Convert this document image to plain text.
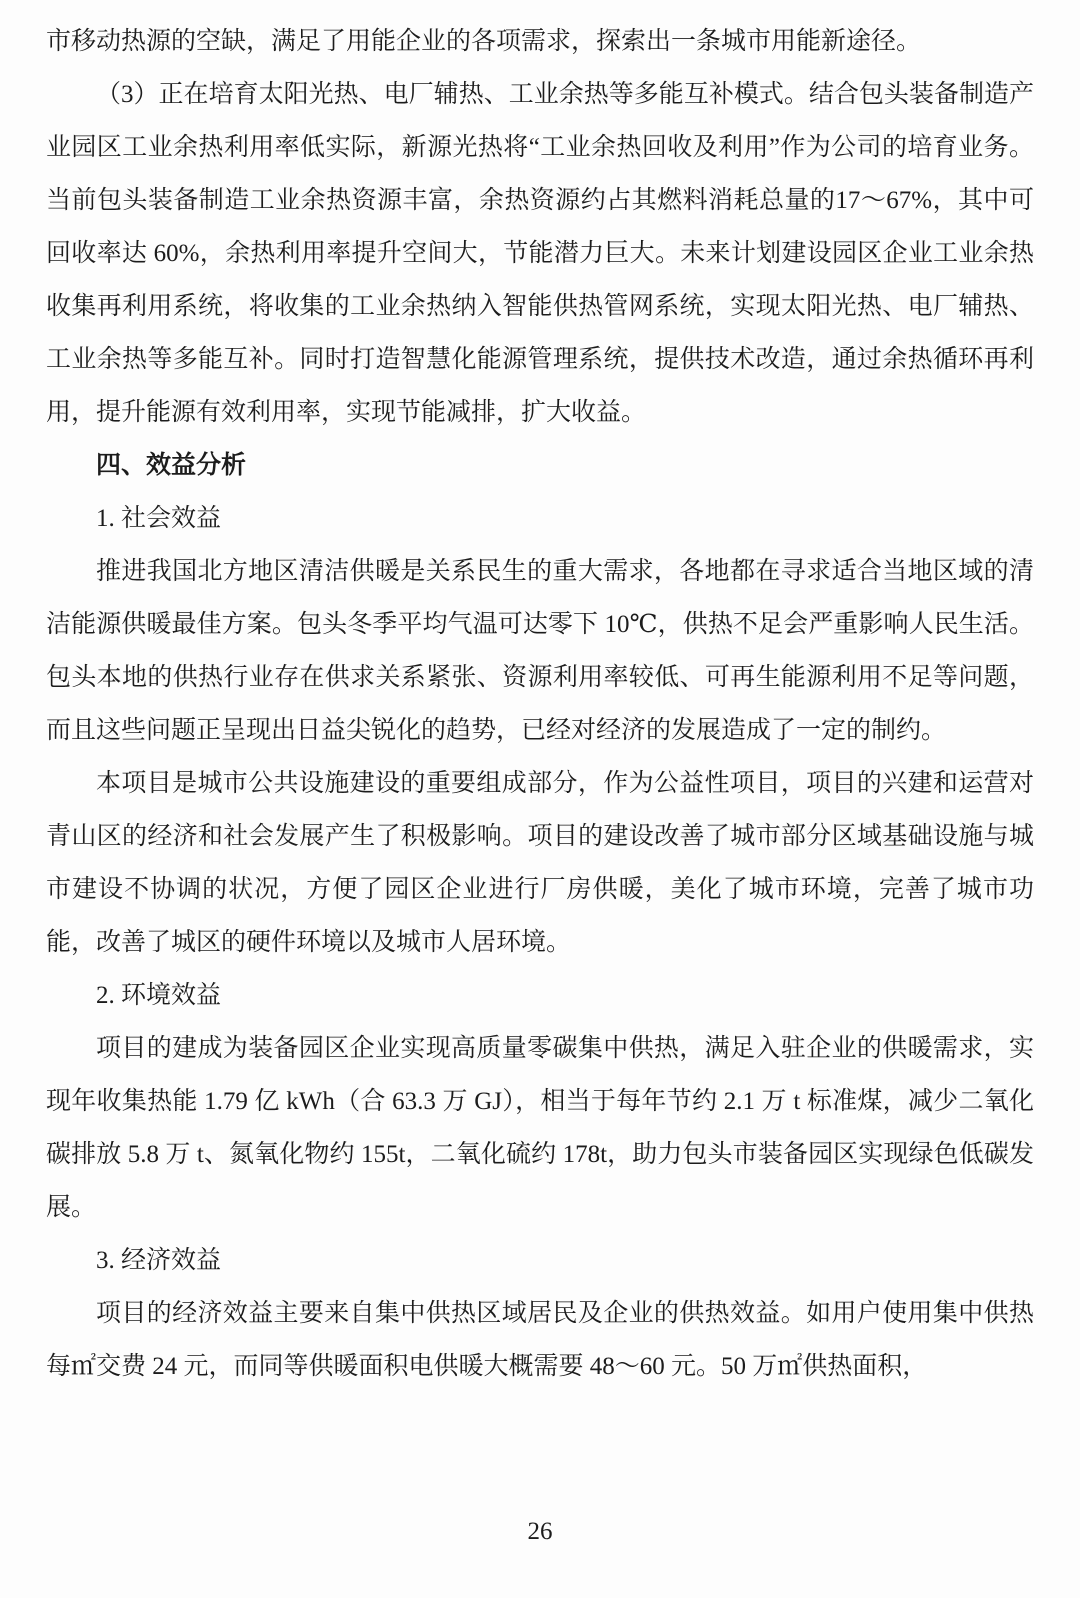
市移动热源的空缺，满足了用能企业的各项需求，探索出一条城市用能新途径。

（3）正在培育太阳光热、电厂辅热、工业余热等多能互补模式。结合包头装备制造产业园区工业余热利用率低实际，新源光热将“工业余热回收及利用”作为公司的培育业务。当前包头装备制造工业余热资源丰富，余热资源约占其燃料消耗总量的17～67%，其中可回收率达 60%，余热利用率提升空间大，节能潜力巨大。未来计划建设园区企业工业余热收集再利用系统，将收集的工业余热纳入智能供热管网系统，实现太阳光热、电厂辅热、工业余热等多能互补。同时打造智慧化能源管理系统，提供技术改造，通过余热循环再利用，提升能源有效利用率，实现节能减排，扩大收益。

四、效益分析

1. 社会效益

推进我国北方地区清洁供暖是关系民生的重大需求，各地都在寻求适合当地区域的清洁能源供暖最佳方案。包头冬季平均气温可达零下 10℃，供热不足会严重影响人民生活。包头本地的供热行业存在供求关系紧张、资源利用率较低、可再生能源利用不足等问题，而且这些问题正呈现出日益尖锐化的趋势，已经对经济的发展造成了一定的制约。

本项目是城市公共设施建设的重要组成部分，作为公益性项目，项目的兴建和运营对青山区的经济和社会发展产生了积极影响。项目的建设改善了城市部分区域基础设施与城市建设不协调的状况，方便了园区企业进行厂房供暖，美化了城市环境，完善了城市功能，改善了城区的硬件环境以及城市人居环境。

2. 环境效益

项目的建成为装备园区企业实现高质量零碳集中供热，满足入驻企业的供暖需求，实现年收集热能 1.79 亿 kWh（合 63.3 万 GJ），相当于每年节约 2.1 万 t 标准煤，减少二氧化碳排放 5.8 万 t、氮氧化物约 155t，二氧化硫约 178t，助力包头市装备园区实现绿色低碳发展。

3. 经济效益

项目的经济效益主要来自集中供热区域居民及企业的供热效益。如用户使用集中供热每㎡交费 24 元，而同等供暖面积电供暖大概需要 48～60 元。50 万㎡供热面积，

26
